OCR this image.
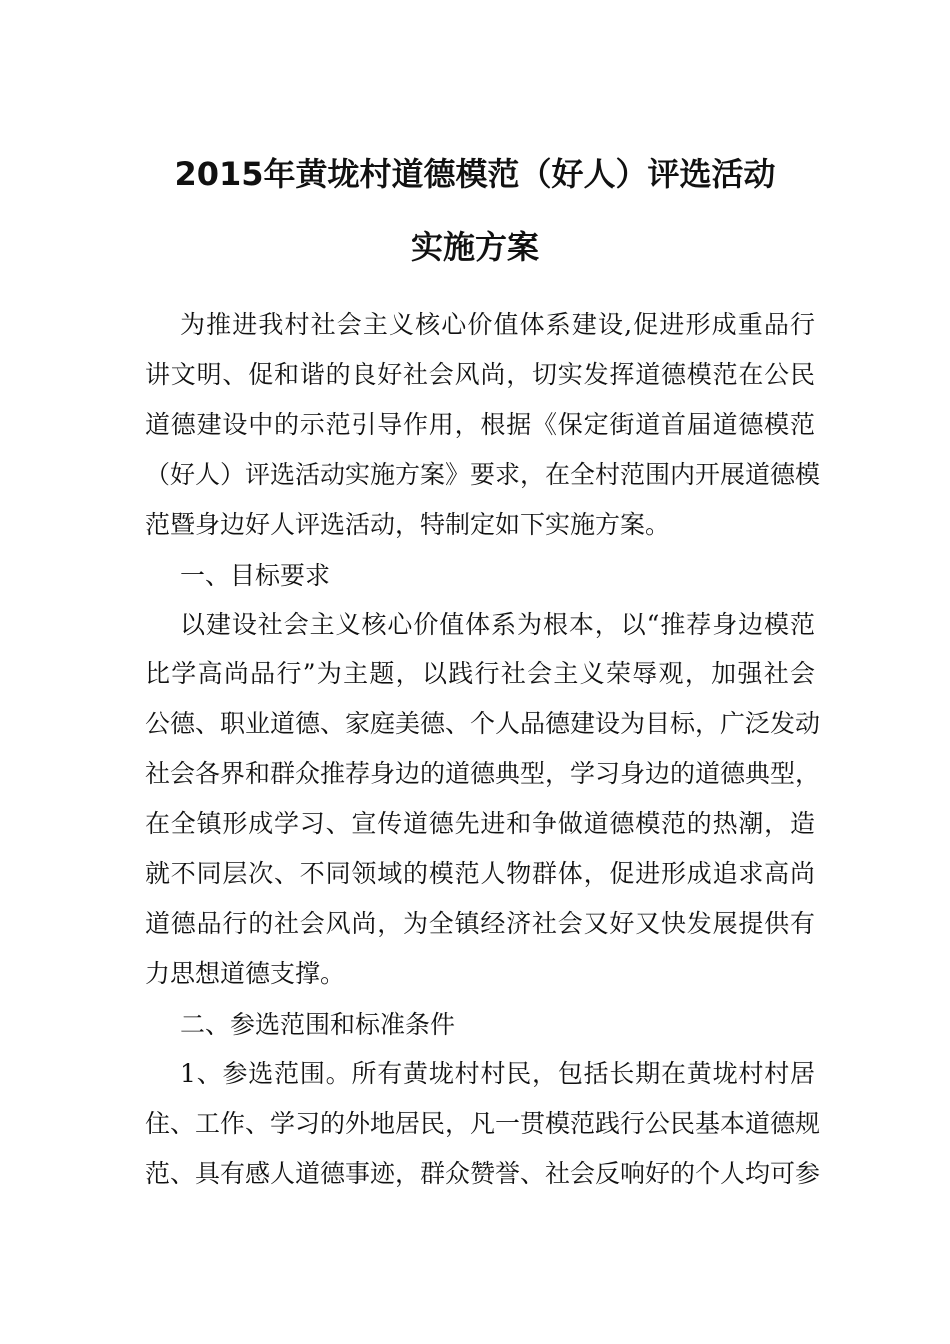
2015年黄垅村道德模范（好人）评选活动
实施方案
为推进我村社会主义核心价值体系建设,促进形成重品行
讲文明、促和谐的良好社会风尚，切实发挥道德模范在公民
道德建设中的示范引导作用，根据《保定街道首届道德模范
（好人）评选活动实施方案》要求，在全村范围内开展道德模
范暨身边好人评选活动，特制定如下实施方案。
一、目标要求
以建设社会主义核心价值体系为根本，以“推荐身边模范
比学高尚品行”为主题，以践行社会主义荣辱观，加强社会
公德、职业道德、家庭美德、个人品德建设为目标，广泛发动
社会各界和群众推荐身边的道德典型，学习身边的道德典型，
在全镇形成学习、宣传道德先进和争做道德模范的热潮，造
就不同层次、不同领域的模范人物群体，促进形成追求高尚
道德品行的社会风尚，为全镇经济社会又好又快发展提供有
力思想道德支撑。
二、参选范围和标准条件
1、参选范围。所有黄垅村村民，包括长期在黄垅村村居
住、工作、学习的外地居民，凡一贯模范践行公民基本道德规
范、具有感人道德事迹，群众赞誉、社会反响好的个人均可参
